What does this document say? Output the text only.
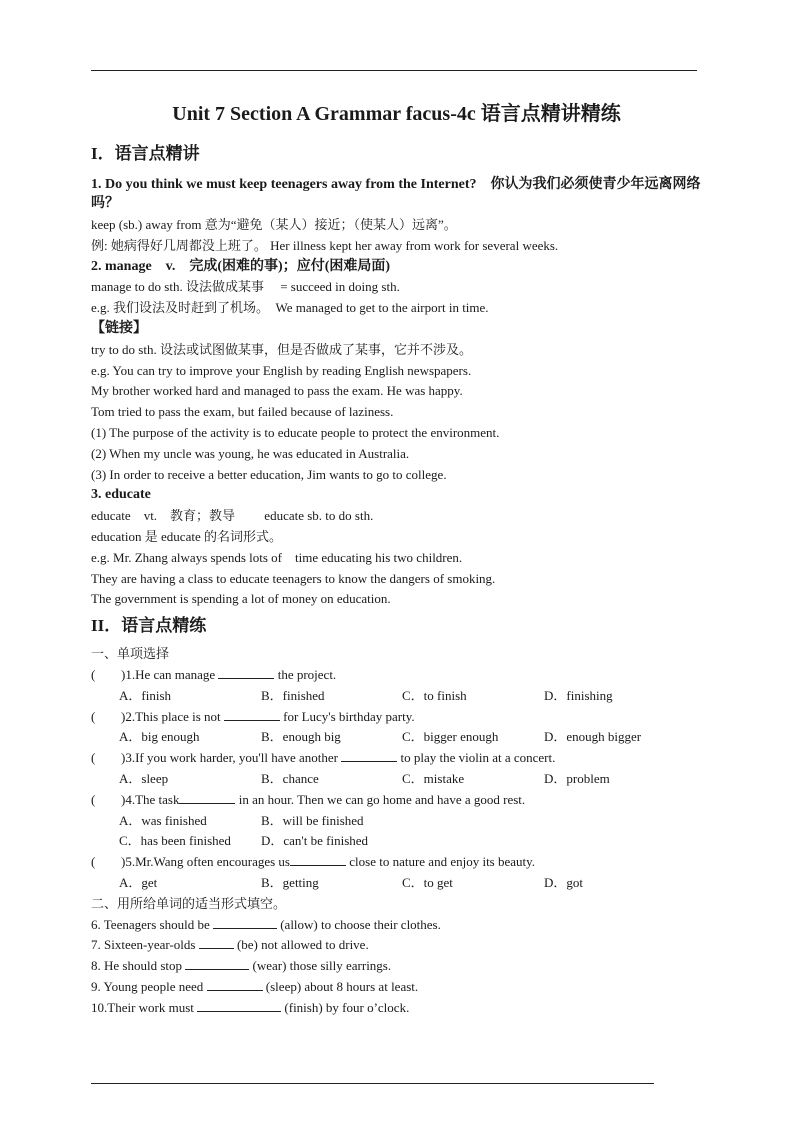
Unit 7 Section A Grammar facus-4c 语言点精讲精练

I．语言点精讲

1. Do you think we must keep teenagers away from the Internet?　你认为我们必须使青少年远离网络吗？
keep (sb.) away from 意为“避免（某人）接近；（使某人）远离”。
例: 她病得好几周都没上班了。 Her illness kept her away from work for several weeks.
2. manage　v.　完成(困难的事)；应付(困难局面)
manage to do sth. 设法做成某事　 = succeed in doing sth.
e.g. 我们设法及时赶到了机场。　We managed to get to the airport in time.
【链接】
try to do sth. 设法或试图做某事，但是否做成了某事，它并不涉及。
e.g. You can try to improve your English by reading English newspapers.
My brother worked hard and managed to pass the exam. He was happy.
Tom tried to pass the exam, but failed because of laziness.
(1) The purpose of the activity is to educate people to protect the environment.
(2) When my uncle was young, he was educated in Australia.
(3) In order to receive a better education, Jim wants to go to college.
3. educate
educate　vt.　教育；教导　　 educate sb. to do sth.
education 是 educate 的名词形式。
e.g. Mr. Zhang always spends lots of　time educating his two children.
They are having a class to educate teenagers to know the dangers of smoking.
The government is spending a lot of money on education.

II．语言点精练

一、单项选择
( )1.He can manage	the project.
A．finish	B．finished	C．to finish	D．finishing
( )2.This place is not	for Lucy's birthday party.
A．big enough	B．enough big	C．bigger enough	D．enough bigger
( )3.If you work harder, you'll have another	to play the violin at a concert.
A．sleep	B．chance	C．mistake	D．problem
( )4.The task	in an hour. Then we can go home and have a good rest.
A．was finished	B．will be finished
C．has been finished D．can't be finished
( )5.Mr.Wang often encourages us	close to nature and enjoy its beauty.
A．get	B．getting	C．to get	D．got
二、用所给单词的适当形式填空。
6. Teenagers should be	(allow) to choose their clothes.
7. Sixteen-year-olds	(be) not allowed to drive.
8. He should stop	(wear) those silly earrings.
9. Young people need	(sleep) about 8 hours at least.
10.Their work must	(finish) by four o’clock.
